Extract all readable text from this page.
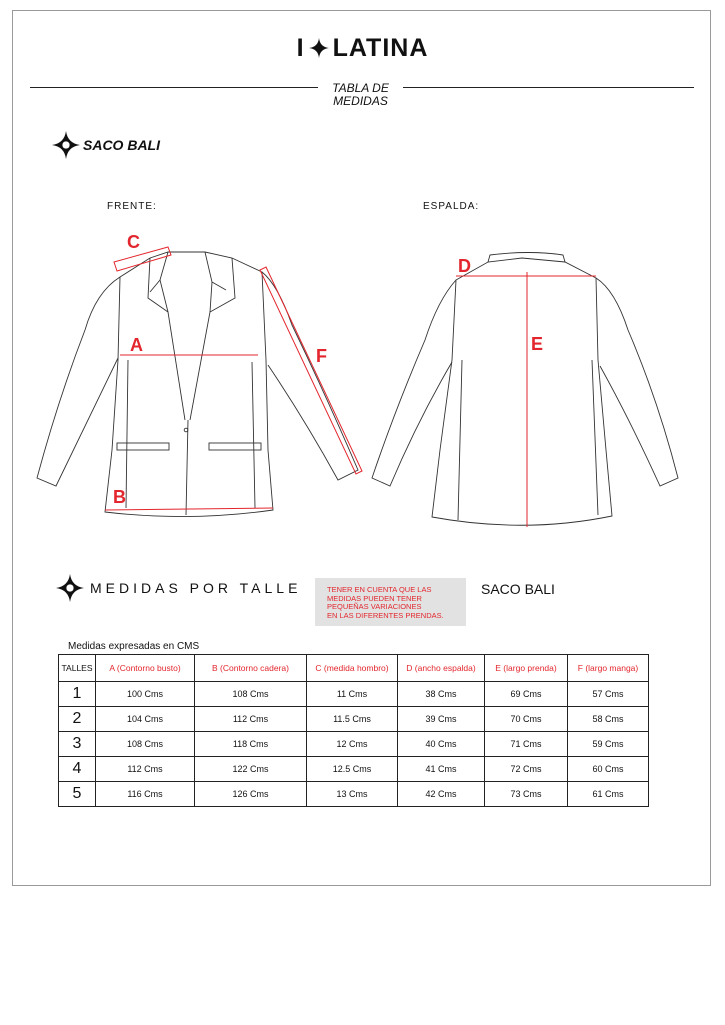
I LATINA
TABLA DE
MEDIDAS
SACO BALI
FRENTE:	ESPALDA:
A
B
C
D
E
F
MEDIDAS POR TALLE	TENER EN CUENTA QUE LAS
MEDIDAS PUEDEN TENER
PEQUEÑAS VARIACIONES
EN LAS DIFERENTES PRENDAS.
SACO BALI
Medidas expresadas en CMS
TALLES	A (Contorno busto)	B (Contorno cadera)	C (medida hombro)	D (ancho espalda)	E (largo prenda)	F (largo manga)
1	100 Cms	108 Cms	11 Cms	38 Cms	69 Cms	57 Cms
2	104 Cms	112 Cms	11.5 Cms	39 Cms	70 Cms	58 Cms
3	108 Cms	118 Cms	12 Cms	40 Cms	71 Cms	59 Cms
4	112 Cms	122 Cms	12.5 Cms	41 Cms	72 Cms	60 Cms
5	116 Cms	126 Cms	13 Cms	42 Cms	73 Cms	61 Cms
